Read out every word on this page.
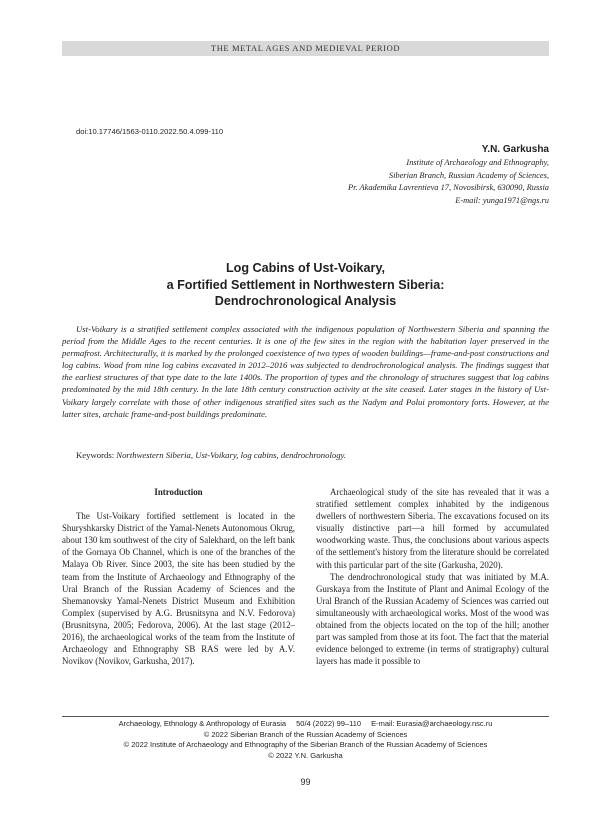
THE METAL AGES AND MEDIEVAL PERIOD
doi:10.17746/1563-0110.2022.50.4.099-110
Y.N. Garkusha
Institute of Archaeology and Ethnography,
Siberian Branch, Russian Academy of Sciences,
Pr. Akademika Lavrentieva 17, Novosibirsk, 630090, Russia
E-mail: yunga1971@ngs.ru
Log Cabins of Ust-Voikary,
a Fortified Settlement in Northwestern Siberia:
Dendrochronological Analysis

Ust-Voikary is a stratified settlement complex associated with the indigenous population of Northwestern Siberia and spanning the period from the Middle Ages to the recent centuries. It is one of the few sites in the region with the habitation layer preserved in the permafrost. Architecturally, it is marked by the prolonged coexistence of two types of wooden buildings—frame-and-post constructions and log cabins. Wood from nine log cabins excavated in 2012–2016 was subjected to dendrochronological analysis. The findings suggest that the earliest structures of that type date to the late 1400s. The proportion of types and the chronology of structures suggest that log cabins predominated by the mid 18th century. In the late 18th century construction activity at the site ceased. Later stages in the history of Ust-Voikary largely correlate with those of other indigenous stratified sites such as the Nadym and Polui promontory forts. However, at the latter sites, archaic frame-and-post buildings predominate.

Keywords: Northwestern Siberia, Ust-Voikary, log cabins, dendrochronology.
Introduction

The Ust-Voikary fortified settlement is located in the Shuryshkarsky District of the Yamal-Nenets Autonomous Okrug, about 130 km southwest of the city of Salekhard, on the left bank of the Gornaya Ob Channel, which is one of the branches of the Malaya Ob River. Since 2003, the site has been studied by the team from the Institute of Archaeology and Ethnography of the Ural Branch of the Russian Academy of Sciences and the Shemanovsky Yamal-Nenets District Museum and Exhibition Complex (supervised by A.G. Brusnitsyna and N.V. Fedorova) (Brusnitsyna, 2005; Fedorova, 2006). At the last stage (2012–2016), the archaeological works of the team from the Institute of Archaeology and Ethnography SB RAS were led by A.V. Novikov (Novikov, Garkusha, 2017).

Archaeological study of the site has revealed that it was a stratified settlement complex inhabited by the indigenous dwellers of northwestern Siberia. The excavations focused on its visually distinctive part—a hill formed by accumulated woodworking waste. Thus, the conclusions about various aspects of the settlement's history from the literature should be correlated with this particular part of the site (Garkusha, 2020).

The dendrochronological study that was initiated by M.A. Gurskaya from the Institute of Plant and Animal Ecology of the Ural Branch of the Russian Academy of Sciences was carried out simultaneously with archaeological works. Most of the wood was obtained from the objects located on the top of the hill; another part was sampled from those at its foot. The fact that the material evidence belonged to extreme (in terms of stratigraphy) cultural layers has made it possible to

Archaeology, Ethnology & Anthropology of Eurasia 50/4 (2022) 99–110 E-mail: Eurasia@archaeology.nsc.ru
© 2022 Siberian Branch of the Russian Academy of Sciences
© 2022 Institute of Archaeology and Ethnography of the Siberian Branch of the Russian Academy of Sciences
© 2022 Y.N. Garkusha
99
